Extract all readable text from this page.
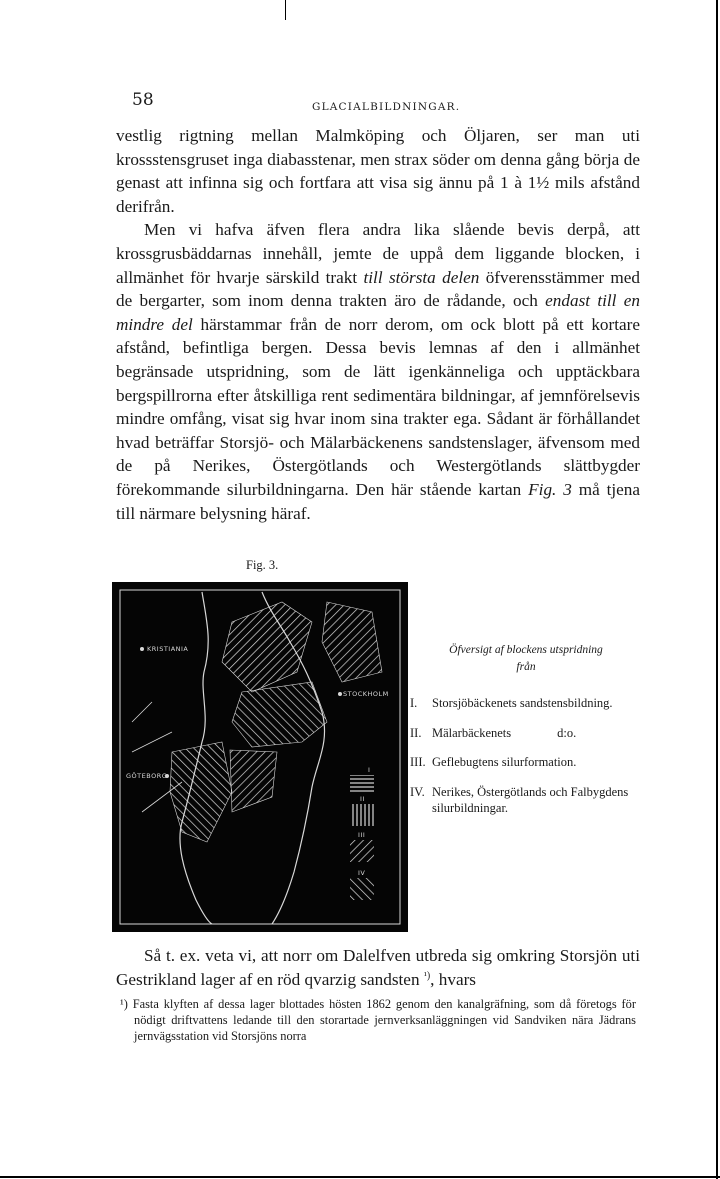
58	GLACIALBILDNINGAR.

vestlig rigtning mellan Malmköping och Öljaren, ser man uti krossstensgruset inga diabasstenar, men strax söder om denna gång börja de genast att infinna sig och fortfara att visa sig ännu på 1 à 1½ mils afstånd derifrån.

Men vi hafva äfven flera andra lika slående bevis derpå, att krossgrusbäddarnas innehåll, jemte de uppå dem liggande blocken, i allmänhet för hvarje särskild trakt till största delen öfverensstämmer med de bergarter, som inom denna trakten äro de rådande, och endast till en mindre del härstammar från de norr derom, om ock blott på ett kortare afstånd, befintliga bergen. Dessa bevis lemnas af den i allmänhet begränsade utspridning, som de lätt igenkänneliga och upptäckbara bergspillrorna efter åtskilliga rent sedimentära bildningar, af jemnförelsevis mindre omfång, visat sig hvar inom sina trakter ega. Sådant är förhållandet hvad beträffar Storsjö- och Mälarbäckenens sandstenslager, äfvensom med de på Nerikes, Östergötlands och Westergötlands slättbygder förekommande silurbildningarna. Den här stående kartan Fig. 3 må tjena till närmare belysning häraf.

Fig. 3.
KRISTIANIA
STOCKHOLM
GÖTEBORG
I
II
III
IV
Öfversigt af blockens utspridning
från
I.	Storsjöbäckenets sandstensbildning.
II. Mälarbäckenets	d:o.
III. Geflebugtens silurformation.
IV. Nerikes, Östergötlands och Falbygdens silurbildningar.

Så t. ex. veta vi, att norr om Dalelfven utbreda sig omkring Storsjön uti Gestrikland lager af en röd qvarzig sandsten $^{^1)}$, hvars

¹) Fasta klyften af dessa lager blottades hösten 1862 genom den kanalgräfning, som då företogs för nödigt driftvattens ledande till den storartade jernverksanläggningen vid Sandviken nära Jädrans jernvägsstation vid Storsjöns norra
